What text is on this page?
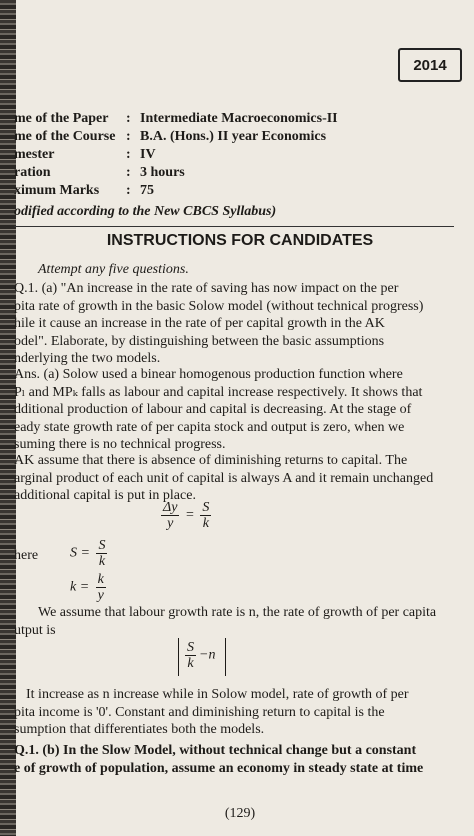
2014
me of the Paper	: Intermediate Macroeconomics-II
me of the Course : B.A. (Hons.) II year Economics
mester	: IV
ration	: 3 hours
ximum Marks	: 75
odified according to the New CBCS Syllabus)
INSTRUCTIONS FOR CANDIDATES
Attempt any five questions.
Q.1. (a) "An increase in the rate of saving has now impact on the per
pita rate of growth in the basic Solow model (without technical progress)
hile it cause an increase in the rate of per capital growth in the AK
odel". Elaborate, by distinguishing between the basic assumptions
nderlying the two models.
Ans. (a) Solow used a binear homogenous production function where
Pₗ and MPₖ falls as labour and capital increase respectively. It shows that
dditional production of labour and capital is decreasing. At the stage of
eady state growth rate of per capita stock and output is zero, when we
suming there is no technical progress.
AK assume that there is absence of diminishing returns to capital. The
arginal product of each unit of capital is always A and it remain unchanged
additional capital is put in place.
$\frac{\Delta y}{y} = \frac{S}{k}$
here $S = \frac{S}{k}$
$k = \frac{k}{y}$
We assume that labour growth rate is n, the rate of growth of per capita
utput is
$\frac{S}{k} -n$
It increase as n increase while in Solow model, rate of growth of per
pita income is '0'. Constant and diminishing return to capital is the
sumption that differentiates both the models.
Q.1. (b) In the Slow Model, without technical change but a constant
e of growth of population, assume an economy in steady state at time
(129)
